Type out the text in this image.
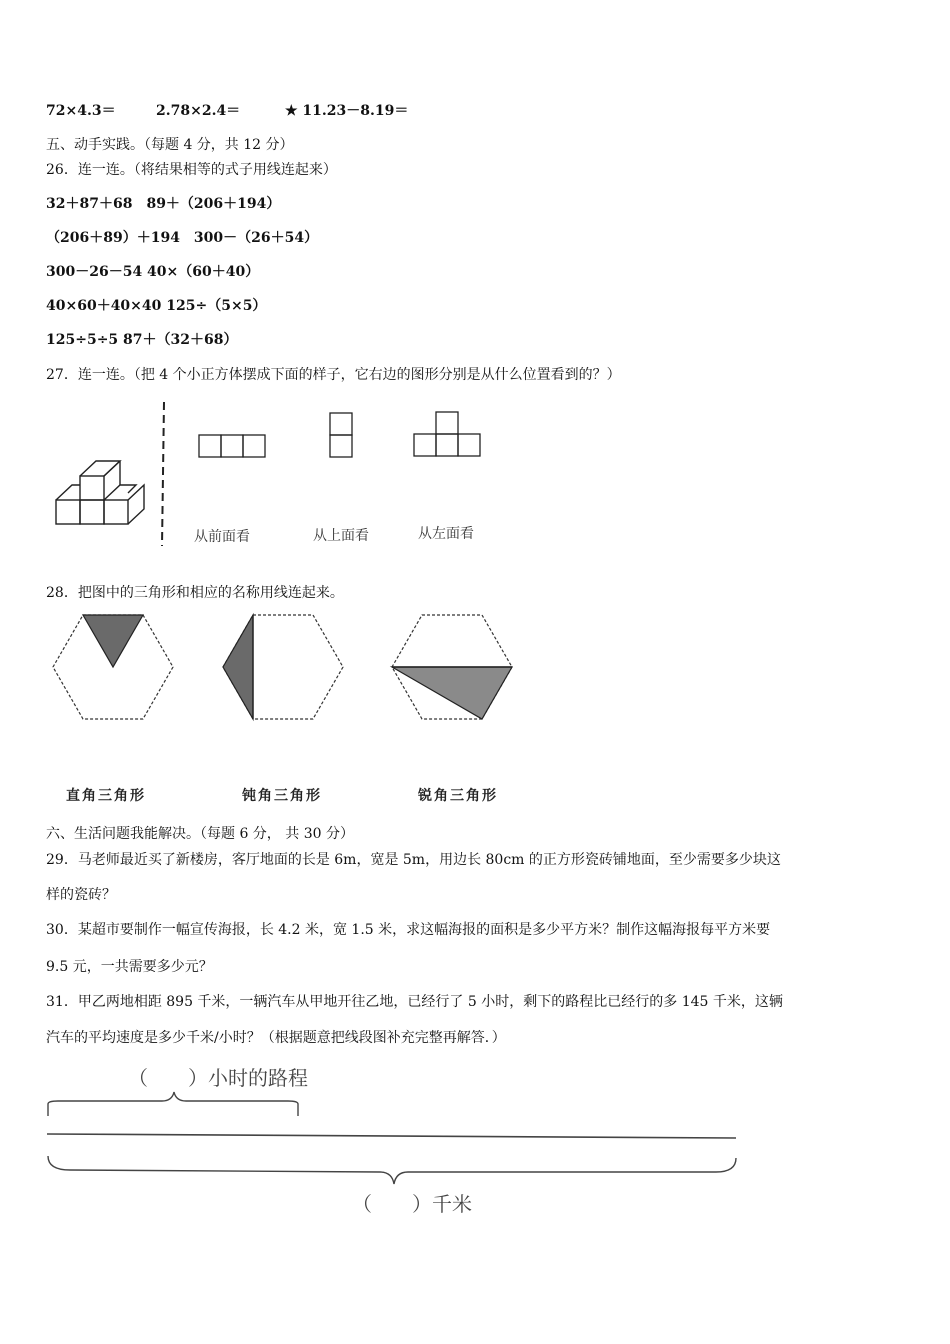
72×4.3＝	2.78×2.4＝	★ 11.23－8.19＝
五、动手实践。（每题 4 分，共 12 分）
26．连一连。（将结果相等的式子用线连起来）
32＋87＋68　89＋（206＋194）
（206＋89）＋194　300－（26＋54）
300－26－54 40×（60＋40）
40×60＋40×40 125÷（5×5）
125÷5÷5 87＋（32＋68）
27．连一连。（把 4 个小正方体摆成下面的样子，它右边的图形分别是从什么位置看到的？）
从前面看	从上面看	从左面看
28．把图中的三角形和相应的名称用线连起来。
直角三角形	钝角三角形	锐角三角形
六、生活问题我能解决。（每题 6 分， 共 30 分）
29．马老师最近买了新楼房，客厅地面的长是 6m，宽是 5m，用边长 80cm 的正方形瓷砖铺地面，至少需要多少块这
样的瓷砖？
30．某超市要制作一幅宣传海报，长 4.2 米，宽 1.5 米，求这幅海报的面积是多少平方米？制作这幅海报每平方米要
9.5 元，一共需要多少元？
31．甲乙两地相距 895 千米，一辆汽车从甲地开往乙地，已经行了 5 小时，剩下的路程比已经行的多 145 千米，这辆
汽车的平均速度是多少千米/小时？（根据题意把线段图补充完整再解答．）
（　　）小时的路程
（　　）千米
